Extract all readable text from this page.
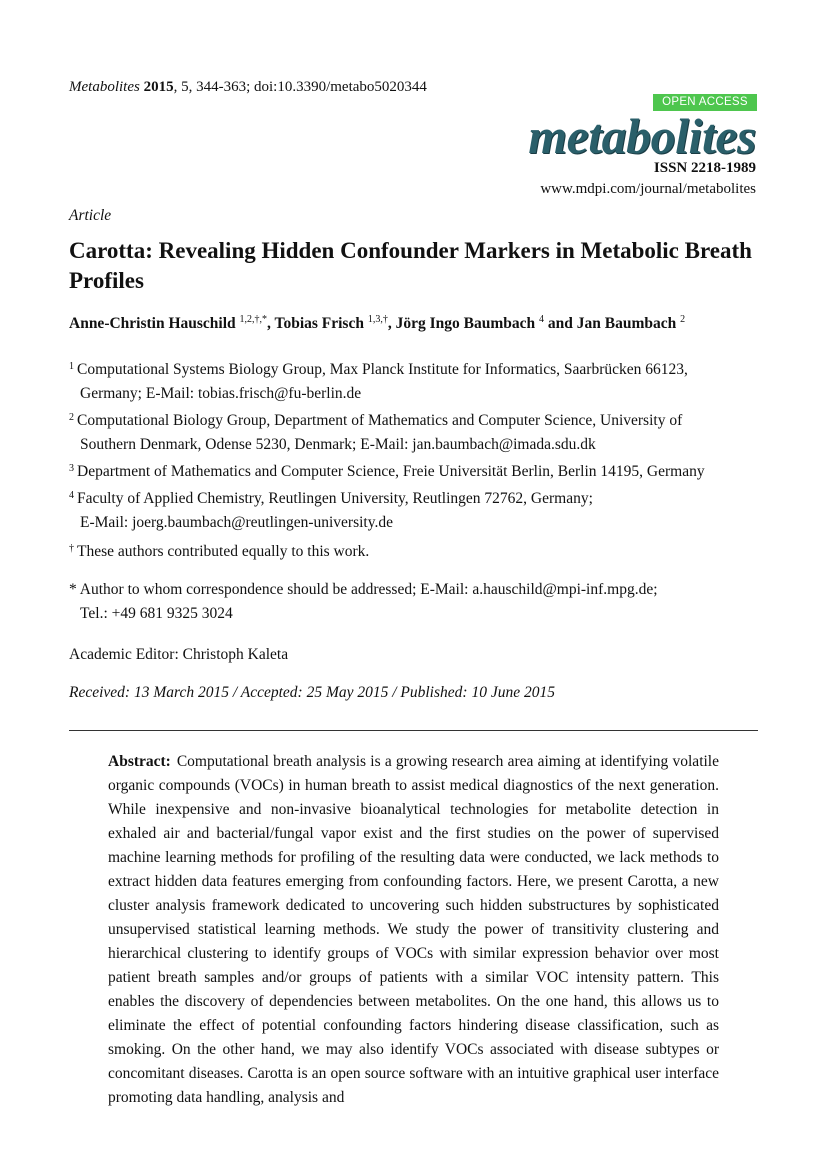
Metabolites 2015, 5, 344-363; doi:10.3390/metabo5020344
OPEN ACCESS
metabolites
ISSN 2218-1989
www.mdpi.com/journal/metabolites
Article
Carotta: Revealing Hidden Confounder Markers in Metabolic Breath Profiles
Anne-Christin Hauschild $^{1,2,\dagger,*}$, Tobias Frisch $^{1,3,\dagger}$, Jörg Ingo Baumbach $^4$ and Jan Baumbach $^2$
$^1$ Computational Systems Biology Group, Max Planck Institute for Informatics, Saarbrücken 66123,
Germany; E-Mail: tobias.frisch@fu-berlin.de
$^2$ Computational Biology Group, Department of Mathematics and Computer Science, University of
Southern Denmark, Odense 5230, Denmark; E-Mail: jan.baumbach@imada.sdu.dk
$^3$ Department of Mathematics and Computer Science, Freie Universität Berlin, Berlin 14195, Germany
$^4$ Faculty of Applied Chemistry, Reutlingen University, Reutlingen 72762, Germany;
E-Mail: joerg.baumbach@reutlingen-university.de
† These authors contributed equally to this work.
* Author to whom correspondence should be addressed; E-Mail: a.hauschild@mpi-inf.mpg.de;
Tel.: +49 681 9325 3024
Academic Editor: Christoph Kaleta
Received: 13 March 2015 / Accepted: 25 May 2015 / Published: 10 June 2015
Abstract: Computational breath analysis is a growing research area aiming at identifying volatile organic compounds (VOCs) in human breath to assist medical diagnostics of the next generation. While inexpensive and non-invasive bioanalytical technologies for metabolite detection in exhaled air and bacterial/fungal vapor exist and the first studies on the power of supervised machine learning methods for profiling of the resulting data were conducted, we lack methods to extract hidden data features emerging from confounding factors. Here, we present Carotta, a new cluster analysis framework dedicated to uncovering such hidden substructures by sophisticated unsupervised statistical learning methods. We study the power of transitivity clustering and hierarchical clustering to identify groups of VOCs with similar expression behavior over most patient breath samples and/or groups of patients with a similar VOC intensity pattern. This enables the discovery of dependencies between metabolites. On the one hand, this allows us to eliminate the effect of potential confounding factors hindering disease classification, such as smoking. On the other hand, we may also identify VOCs associated with disease subtypes or concomitant diseases. Carotta is an open source software with an intuitive graphical user interface promoting data handling, analysis and
